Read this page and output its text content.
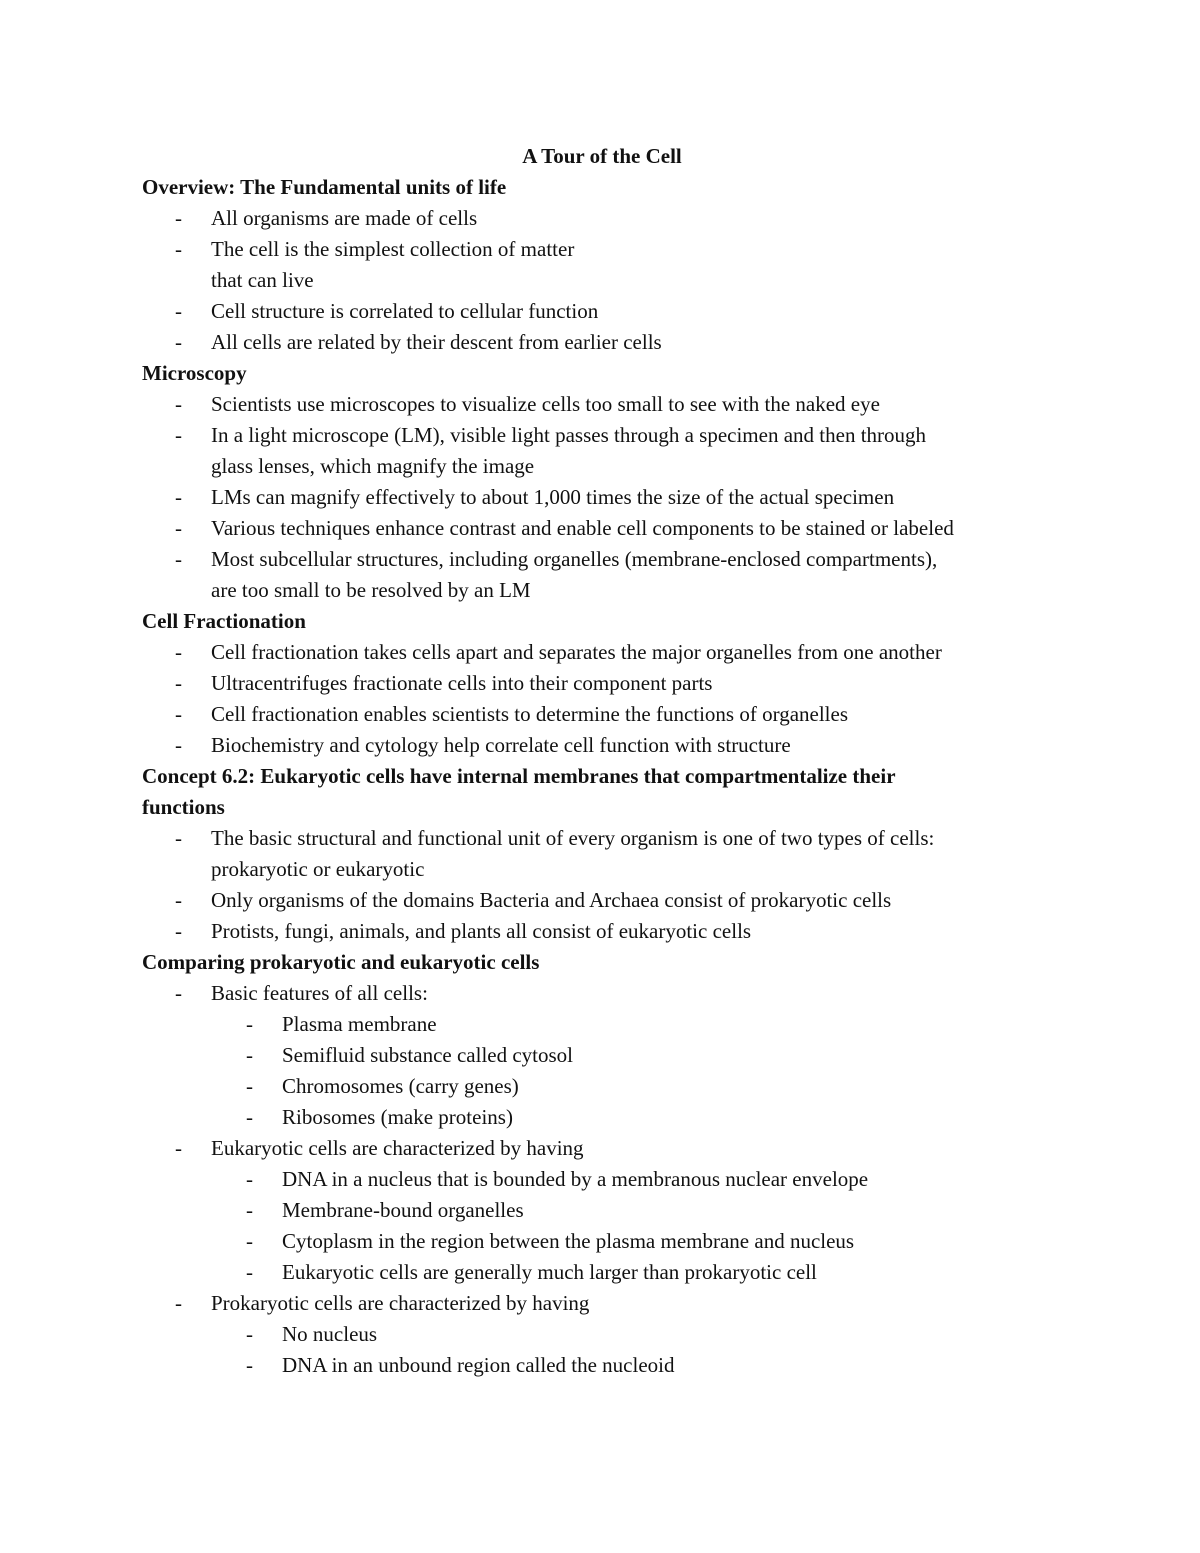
A Tour of the Cell
Overview: The Fundamental units of life
- All organisms are made of cells
- The cell is the simplest collection of matter
that can live
- Cell structure is correlated to cellular function
- All cells are related by their descent from earlier cells
Microscopy
- Scientists use microscopes to visualize cells too small to see with the naked eye
- In a light microscope (LM), visible light passes through a specimen and then through
glass lenses, which magnify the image
- LMs can magnify effectively to about 1,000 times the size of the actual specimen
- Various techniques enhance contrast and enable cell components to be stained or labeled
- Most subcellular structures, including organelles (membrane-enclosed compartments),
are too small to be resolved by an LM
Cell Fractionation
- Cell fractionation takes cells apart and separates the major organelles from one another
- Ultracentrifuges fractionate cells into their component parts
- Cell fractionation enables scientists to determine the functions of organelles
- Biochemistry and cytology help correlate cell function with structure
Concept 6.2: Eukaryotic cells have internal membranes that compartmentalize their
functions
- The basic structural and functional unit of every organism is one of two types of cells:
prokaryotic or eukaryotic
- Only organisms of the domains Bacteria and Archaea consist of prokaryotic cells
- Protists, fungi, animals, and plants all consist of eukaryotic cells
Comparing prokaryotic and eukaryotic cells
- Basic features of all cells:
- Plasma membrane
- Semifluid substance called cytosol
- Chromosomes (carry genes)
- Ribosomes (make proteins)
- Eukaryotic cells are characterized by having
- DNA in a nucleus that is bounded by a membranous nuclear envelope
- Membrane-bound organelles
- Cytoplasm in the region between the plasma membrane and nucleus
- Eukaryotic cells are generally much larger than prokaryotic cell
- Prokaryotic cells are characterized by having
- No nucleus
- DNA in an unbound region called the nucleoid
